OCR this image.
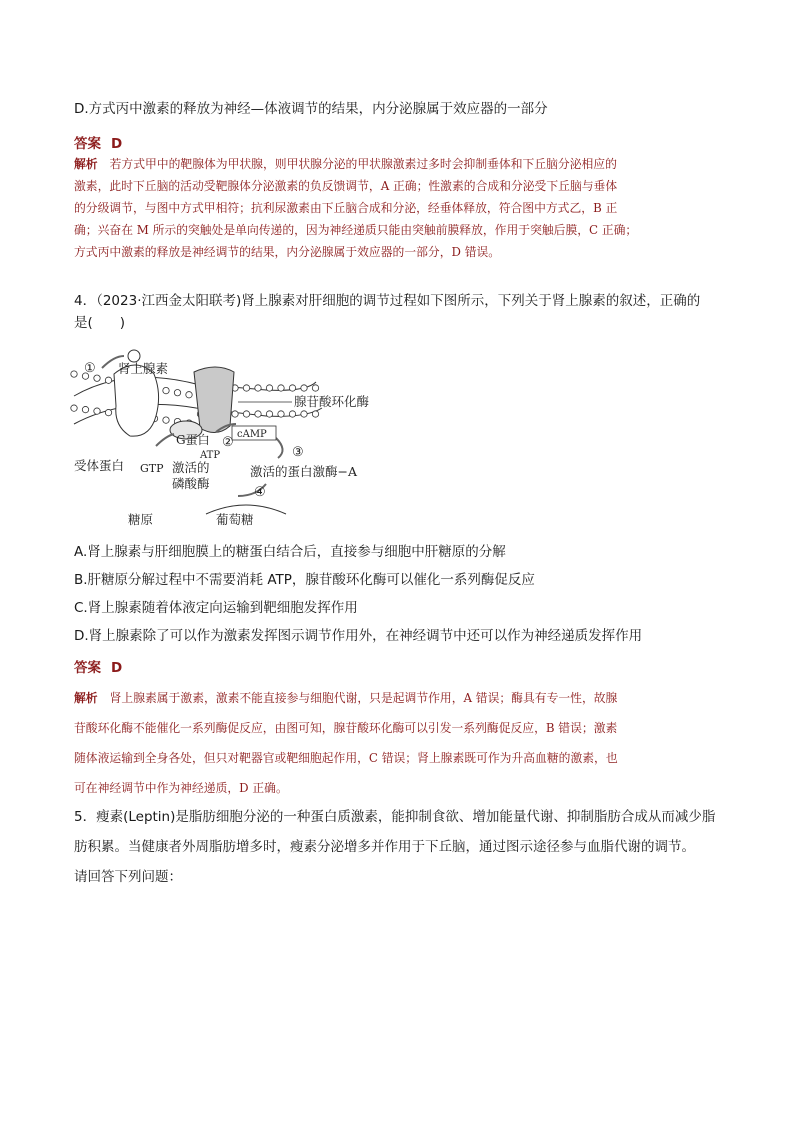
D.方式丙中激素的释放为神经—体液调节的结果，内分泌腺属于效应器的一部分
答案 D
解析 若方式甲中的靶腺体为甲状腺，则甲状腺分泌的甲状腺激素过多时会抑制垂体和下丘脑分泌相应的
激素，此时下丘脑的活动受靶腺体分泌激素的负反馈调节，A 正确；性激素的合成和分泌受下丘脑与垂体
的分级调节，与图中方式甲相符；抗利尿激素由下丘脑合成和分泌，经垂体释放，符合图中方式乙，B 正
确；兴奋在 M 所示的突触处是单向传递的，因为神经递质只能由突触前膜释放，作用于突触后膜，C 正确；
方式丙中激素的释放是神经调节的结果，内分泌腺属于效应器的一部分，D 错误。
4．（2023·江西金太阳联考)肾上腺素对肝细胞的调节过程如下图所示，下列关于肾上腺素的叙述，正确的
是(　　)
① 肾上腺素
腺苷酸环化酶
G蛋白 ②
cAMP
ATP	③
受体蛋白 GTP 激活的
磷酸酶
激活的蛋白激酶−A
④
糖原	葡萄糖
A.肾上腺素与肝细胞膜上的糖蛋白结合后，直接参与细胞中肝糖原的分解
B.肝糖原分解过程中不需要消耗 ATP，腺苷酸环化酶可以催化一系列酶促反应
C.肾上腺素随着体液定向运输到靶细胞发挥作用
D.肾上腺素除了可以作为激素发挥图示调节作用外，在神经调节中还可以作为神经递质发挥作用
答案 D
解析 肾上腺素属于激素，激素不能直接参与细胞代谢，只是起调节作用，A 错误；酶具有专一性，故腺
苷酸环化酶不能催化一系列酶促反应，由图可知，腺苷酸环化酶可以引发一系列酶促反应，B 错误；激素
随体液运输到全身各处，但只对靶器官或靶细胞起作用，C 错误；肾上腺素既可作为升高血糖的激素，也
可在神经调节中作为神经递质，D 正确。
5．瘦素(Leptin)是脂肪细胞分泌的一种蛋白质激素，能抑制食欲、增加能量代谢、抑制脂肪合成从而减少脂
肪积累。当健康者外周脂肪增多时，瘦素分泌增多并作用于下丘脑，通过图示途径参与血脂代谢的调节。
请回答下列问题：
